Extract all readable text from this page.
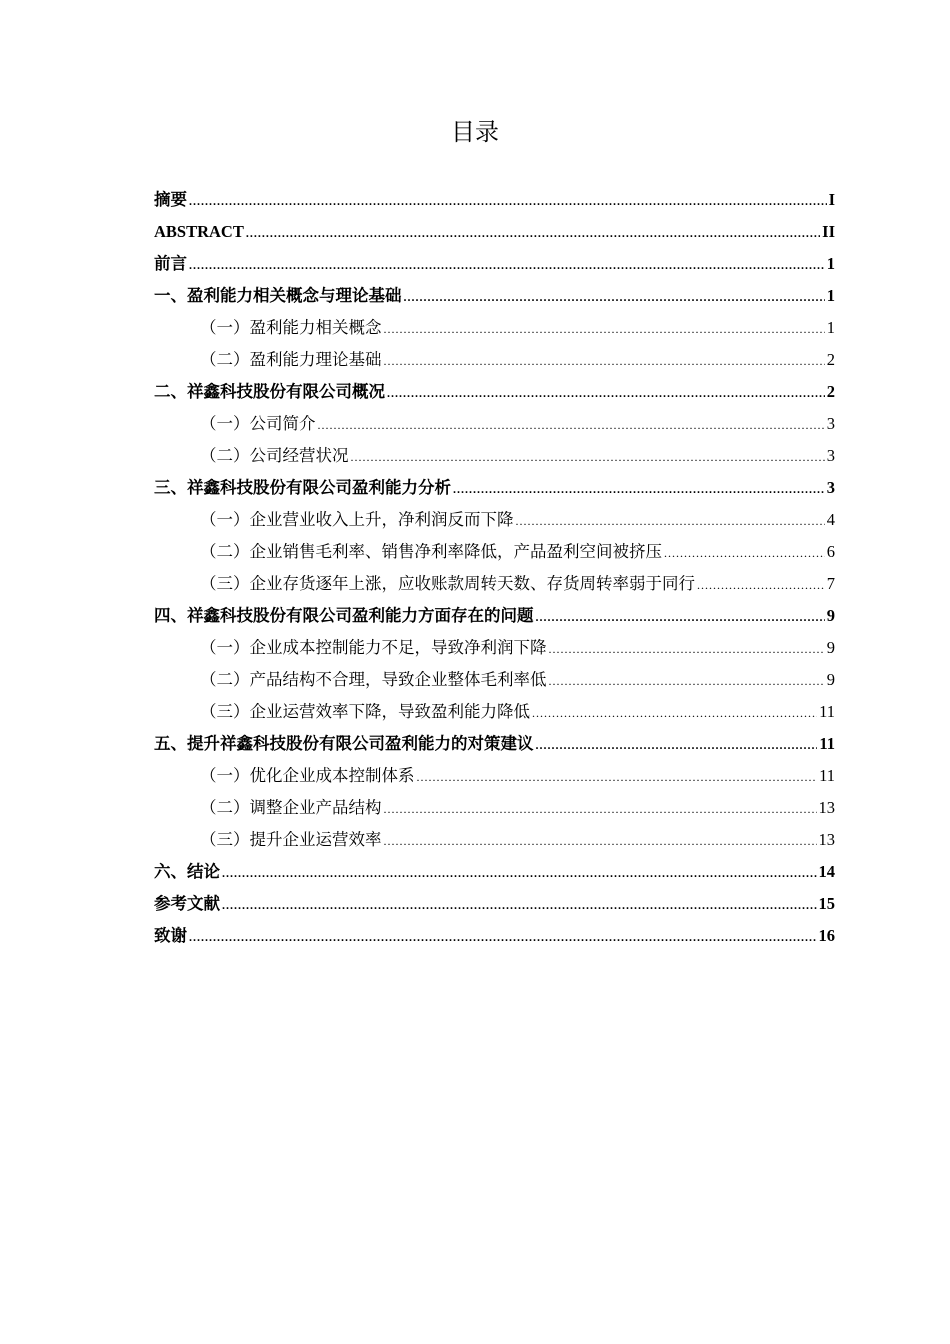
目录
摘要 .....	I
ABSTRACT .....	II
前言 .....	1
一、盈利能力相关概念与理论基础 .....	1
（一）盈利能力相关概念 .....	1
（二）盈利能力理论基础 .....	2
二、祥鑫科技股份有限公司概况 .....	2
（一）公司简介 .....	3
（二）公司经营状况 .....	3
三、祥鑫科技股份有限公司盈利能力分析 .....	3
（一）企业营业收入上升，净利润反而下降 .....	4
（二）企业销售毛利率、销售净利率降低，产品盈利空间被挤压 .....	6
（三）企业存货逐年上涨，应收账款周转天数、存货周转率弱于同行 .....	7
四、祥鑫科技股份有限公司盈利能力方面存在的问题 .....	9
（一）企业成本控制能力不足，导致净利润下降 .....	9
（二）产品结构不合理，导致企业整体毛利率低 .....	9
（三）企业运营效率下降，导致盈利能力降低 .....	11
五、提升祥鑫科技股份有限公司盈利能力的对策建议 .....	11
（一）优化企业成本控制体系 .....	11
（二）调整企业产品结构 .....	13
（三）提升企业运营效率 .....	13
六、结论 .....	14
参考文献 .....	15
致谢 .....	16
